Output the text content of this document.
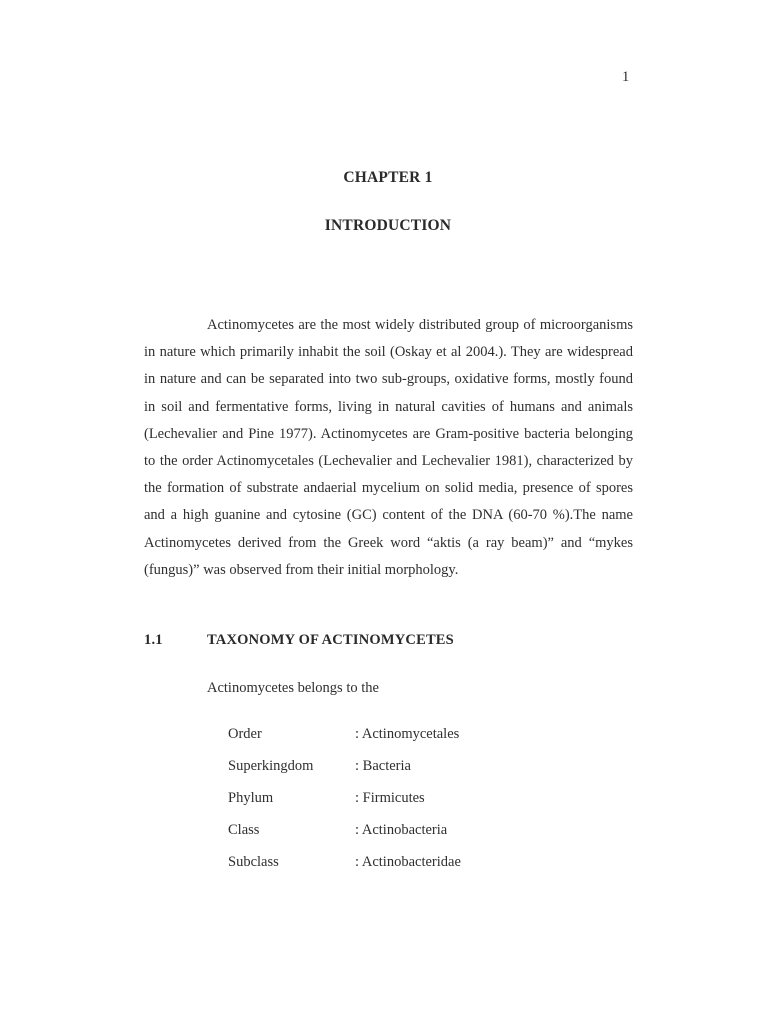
1
CHAPTER 1
INTRODUCTION

Actinomycetes are the most widely distributed group of microorganisms in nature which primarily inhabit the soil (Oskay et al 2004.). They are widespread in nature and can be separated into two sub-groups, oxidative forms, mostly found in soil and fermentative forms, living in natural cavities of humans and animals (Lechevalier and Pine 1977). Actinomycetes are Gram-positive bacteria belonging to the order Actinomycetales (Lechevalier and Lechevalier 1981), characterized by the formation of substrate andaerial mycelium on solid media, presence of spores and a high guanine and cytosine (GC) content of the DNA (60-70 %).The name Actinomycetes derived from the Greek word “aktis (a ray beam)” and “mykes (fungus)” was observed from their initial morphology.

1.1	TAXONOMY OF ACTINOMYCETES
Actinomycetes belongs to the
Order	: Actinomycetales
Superkingdom	: Bacteria
Phylum	: Firmicutes
Class	: Actinobacteria
Subclass	: Actinobacteridae
